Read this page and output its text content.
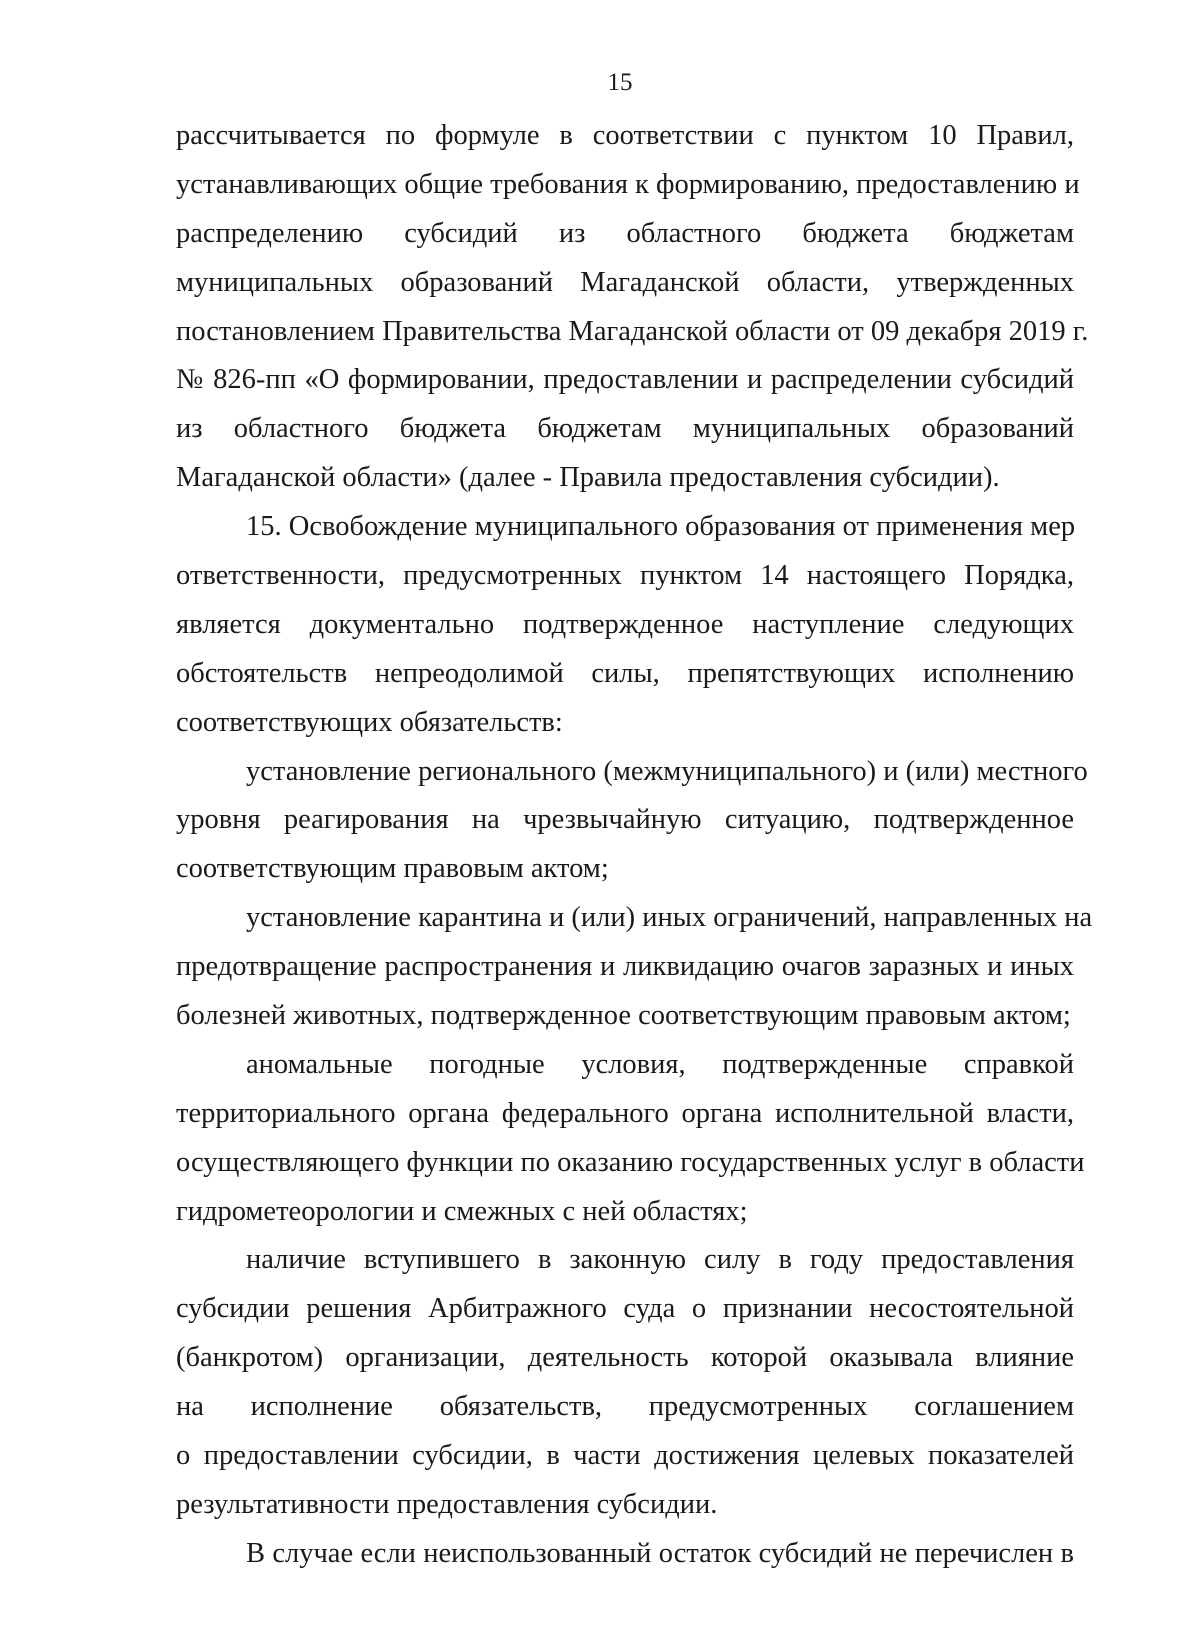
15
рассчитывается по формуле в соответствии с пунктом 10 Правил,
устанавливающих общие требования к формированию, предоставлению и
распределению субсидий из областного бюджета бюджетам
муниципальных образований Магаданской области, утвержденных
постановлением Правительства Магаданской области от 09 декабря 2019 г.
№ 826-пп «О формировании, предоставлении и распределении субсидий
из областного бюджета бюджетам муниципальных образований
Магаданской области» (далее - Правила предоставления субсидии).
15. Освобождение муниципального образования от применения мер
ответственности, предусмотренных пунктом 14 настоящего Порядка,
является документально подтвержденное наступление следующих
обстоятельств непреодолимой силы, препятствующих исполнению
соответствующих обязательств:
установление регионального (межмуниципального) и (или) местного
уровня реагирования на чрезвычайную ситуацию, подтвержденное
соответствующим правовым актом;
установление карантина и (или) иных ограничений, направленных на
предотвращение распространения и ликвидацию очагов заразных и иных
болезней животных, подтвержденное соответствующим правовым актом;
аномальные погодные условия, подтвержденные справкой
территориального органа федерального органа исполнительной власти,
осуществляющего функции по оказанию государственных услуг в области
гидрометеорологии и смежных с ней областях;
наличие вступившего в законную силу в году предоставления
субсидии решения Арбитражного суда о признании несостоятельной
(банкротом) организации, деятельность которой оказывала влияние
на исполнение обязательств, предусмотренных соглашением
о предоставлении субсидии, в части достижения целевых показателей
результативности предоставления субсидии.
В случае если неиспользованный остаток субсидий не перечислен в
